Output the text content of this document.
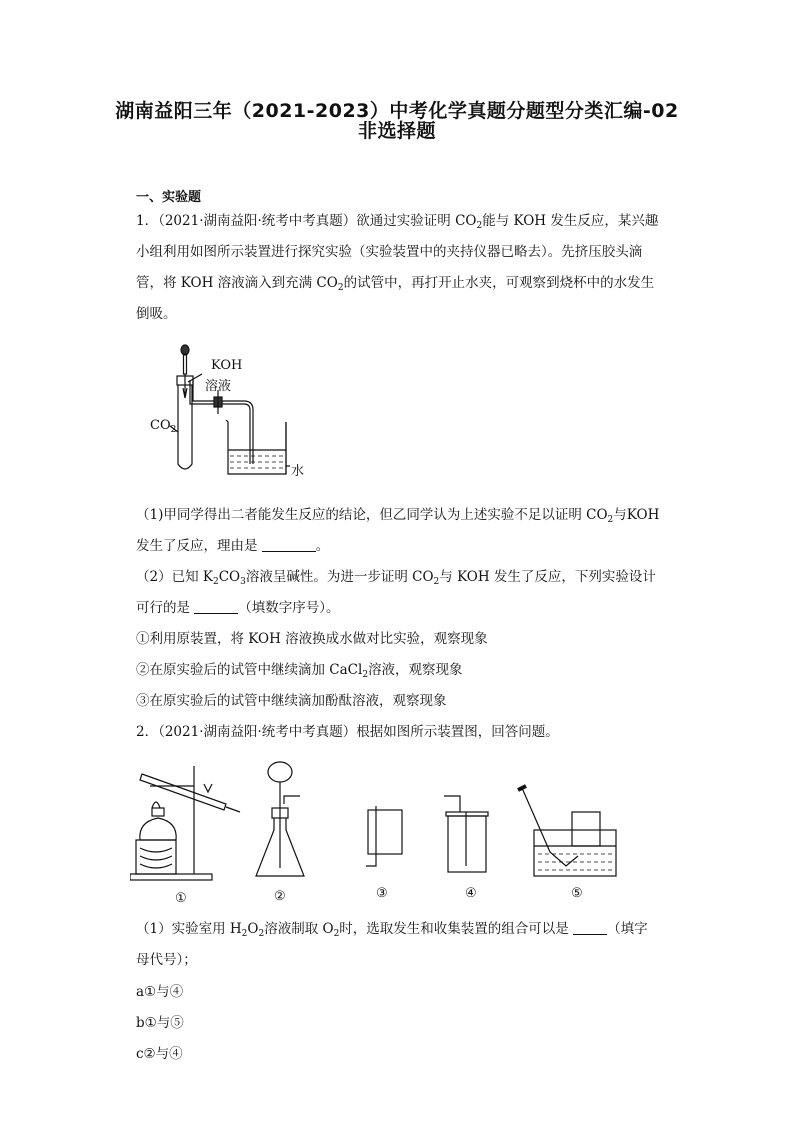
湖南益阳三年（2021-2023）中考化学真题分题型分类汇编-02
非选择题
一、实验题
1．（2021·湖南益阳·统考中考真题）欲通过实验证明 $CO_2$能与 KOH 发生反应，某兴趣
小组利用如图所示装置进行探究实验（实验装置中的夹持仪器已略去）。先挤压胶头滴
管，将 KOH 溶液滴入到充满 $CO_2$的试管中，再打开止水夹，可观察到烧杯中的水发生
倒吸。
KOH
溶液
$CO_2$
水
（1)甲同学得出二者能发生反应的结论，但乙同学认为上述实验不足以证明 $CO_2$与KOH
发生了反应，理由是	。
（2）已知 $K_2CO_3$溶液呈碱性。为进一步证明 $CO_2$与 KOH 发生了反应，下列实验设计
可行的是	（填数字序号）。
①利用原装置，将 KOH 溶液换成水做对比实验，观察现象
②在原实验后的试管中继续滴加 CaCl$_2$溶液，观察现象
③在原实验后的试管中继续滴加酚酞溶液，观察现象
2．（2021·湖南益阳·统考中考真题）根据如图所示装置图，回答问题。
①	②	③	④	⑤
（1）实验室用 $H_2O_2$溶液制取 $O_2$时，选取发生和收集装置的组合可以是	（填字
母代号）；
a①与④
b①与⑤
c②与④
